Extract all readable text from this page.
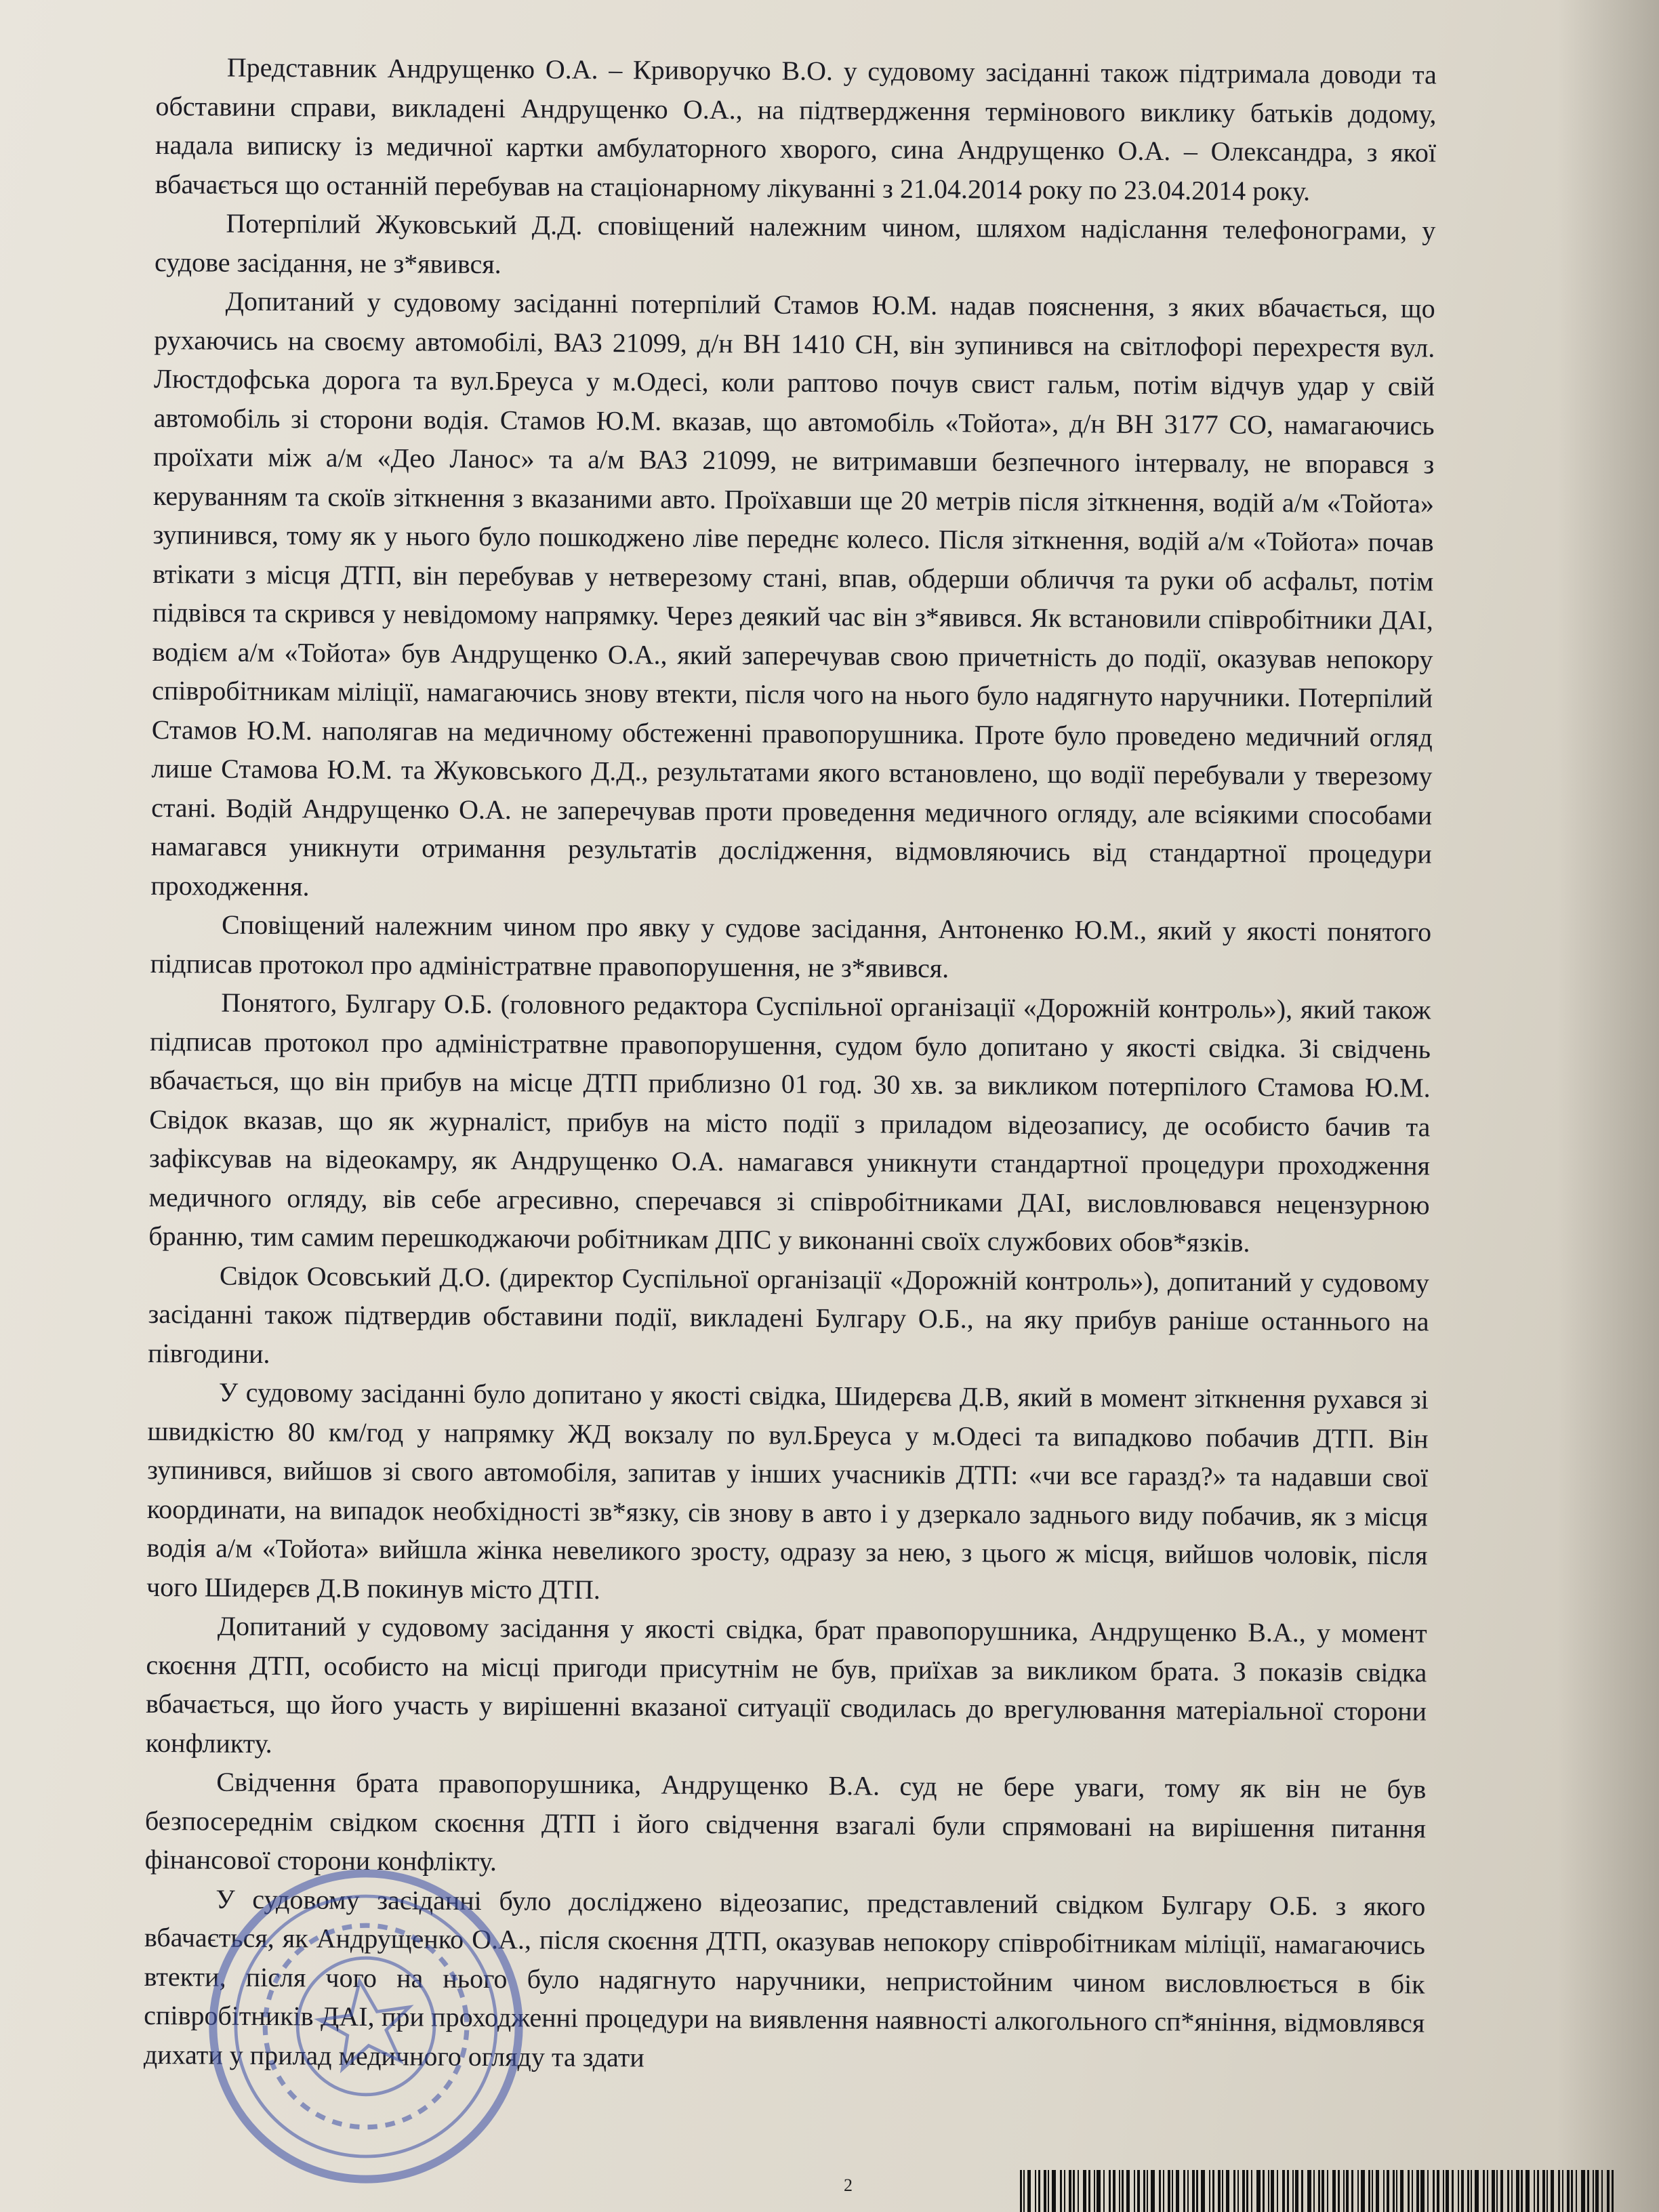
Представник Андрущенко О.А. – Криворучко В.О. у судовому засіданні також підтримала доводи та обставини справи, викладені Андрущенко О.А., на підтвердження термінового виклику батьків додому, надала виписку із медичної картки амбулаторного хворого, сина Андрущенко О.А. – Олександра, з якої вбачається що останній перебував на стаціонарному лікуванні з 21.04.2014 року по 23.04.2014 року.

Потерпілий Жуковський Д.Д. сповіщений належним чином, шляхом надіслання телефонограми, у судове засідання, не з*явився.

Допитаний у судовому засіданні потерпілий Стамов Ю.М. надав пояснення, з яких вбачається, що рухаючись на своєму автомобілі, ВАЗ 21099, д/н ВН 1410 СН, він зупинився на світлофорі перехрестя вул. Люстдофська дорога та вул.Бреуса у м.Одесі, коли раптово почув свист гальм, потім відчув удар у свій автомобіль зі сторони водія. Стамов Ю.М. вказав, що автомобіль «Тойота», д/н ВН 3177 СО, намагаючись проїхати між а/м «Део Ланос» та а/м ВАЗ 21099, не витримавши безпечного інтервалу, не впорався з керуванням та скоїв зіткнення з вказаними авто. Проїхавши ще 20 метрів після зіткнення, водій а/м «Тойота» зупинився, тому як у нього було пошкоджено ліве переднє колесо. Після зіткнення, водій а/м «Тойота» почав втікати з місця ДТП, він перебував у нетверезому стані, впав, обдерши обличчя та руки об асфальт, потім підвівся та скрився у невідомому напрямку. Через деякий час він з*явився. Як встановили співробітники ДАІ, водієм а/м «Тойота» був Андрущенко О.А., який заперечував свою причетність до події, оказував непокору співробітникам міліції, намагаючись знову втекти, після чого на нього було надягнуто наручники. Потерпілий Стамов Ю.М. наполягав на медичному обстеженні правопорушника. Проте було проведено медичний огляд лише Стамова Ю.М. та Жуковського Д.Д., результатами якого встановлено, що водії перебували у тверезому стані. Водій Андрущенко О.А. не заперечував проти проведення медичного огляду, але всіякими способами намагався уникнути отримання результатів дослідження, відмовляючись від стандартної процедури проходження.

Сповіщений належним чином про явку у судове засідання, Антоненко Ю.М., який у якості понятого підписав протокол про адміністратвне правопорушення, не з*явився.

Понятого, Булгару О.Б. (головного редактора Суспільної організації «Дорожній контроль»), який також підписав протокол про адміністратвне правопорушення, судом було допитано у якості свідка. Зі свідчень вбачається, що він прибув на місце ДТП приблизно 01 год. 30 хв. за викликом потерпілого Стамова Ю.М. Свідок вказав, що як журналіст, прибув на місто події з приладом відеозапису, де особисто бачив та зафіксував на відеокамру, як Андрущенко О.А. намагався уникнути стандартної процедури проходження медичного огляду, вів себе агресивно, сперечався зі співробітниками ДАІ, висловлювався нецензурною бранню, тим самим перешкоджаючи робітникам ДПС у виконанні своїх службових обов*язків.

Свідок Осовський Д.О. (директор Суспільної організації «Дорожній контроль»), допитаний у судовому засіданні також підтвердив обставини події, викладені Булгару О.Б., на яку прибув раніше останнього на півгодини.

У судовому засіданні було допитано у якості свідка, Шидерєва Д.В, який в момент зіткнення рухався зі швидкістю 80 км/год у напрямку ЖД вокзалу по вул.Бреуса у м.Одесі та випадково побачив ДТП. Він зупинився, вийшов зі свого автомобіля, запитав у інших учасників ДТП: «чи все гаразд?» та надавши свої координати, на випадок необхідності зв*язку, сів знову в авто і у дзеркало заднього виду побачив, як з місця водія а/м «Тойота» вийшла жінка невеликого зросту, одразу за нею, з цього ж місця, вийшов чоловік, після чого Шидерєв Д.В покинув місто ДТП.

Допитаний у судовому засідання у якості свідка, брат правопорушника, Андрущенко В.А., у момент скоєння ДТП, особисто на місці пригоди присутнім не був, приїхав за викликом брата. З показів свідка вбачається, що його участь у вирішенні вказаної ситуації сводилась до врегулювання матеріальної сторони конфликту.

Свідчення брата правопорушника, Андрущенко В.А. суд не бере уваги, тому як він не був безпосереднім свідком скоєння ДТП і його свідчення взагалі були спрямовані на вирішення питання фінансової сторони конфлікту.

У судовому засіданні було досліджено відеозапис, представлений свідком Булгару О.Б. з якого вбачається, як Андрущенко О.А., після скоєння ДТП, оказував непокору співробітникам міліції, намагаючись втекти, після чого на нього було надягнуто наручники, непристойним чином висловлюється в бік співробітників ДАІ, при проходженні процедури на виявлення наявності алкогольного сп*яніння, відмовлявся дихати у прилад медичного огляду та здати

2
